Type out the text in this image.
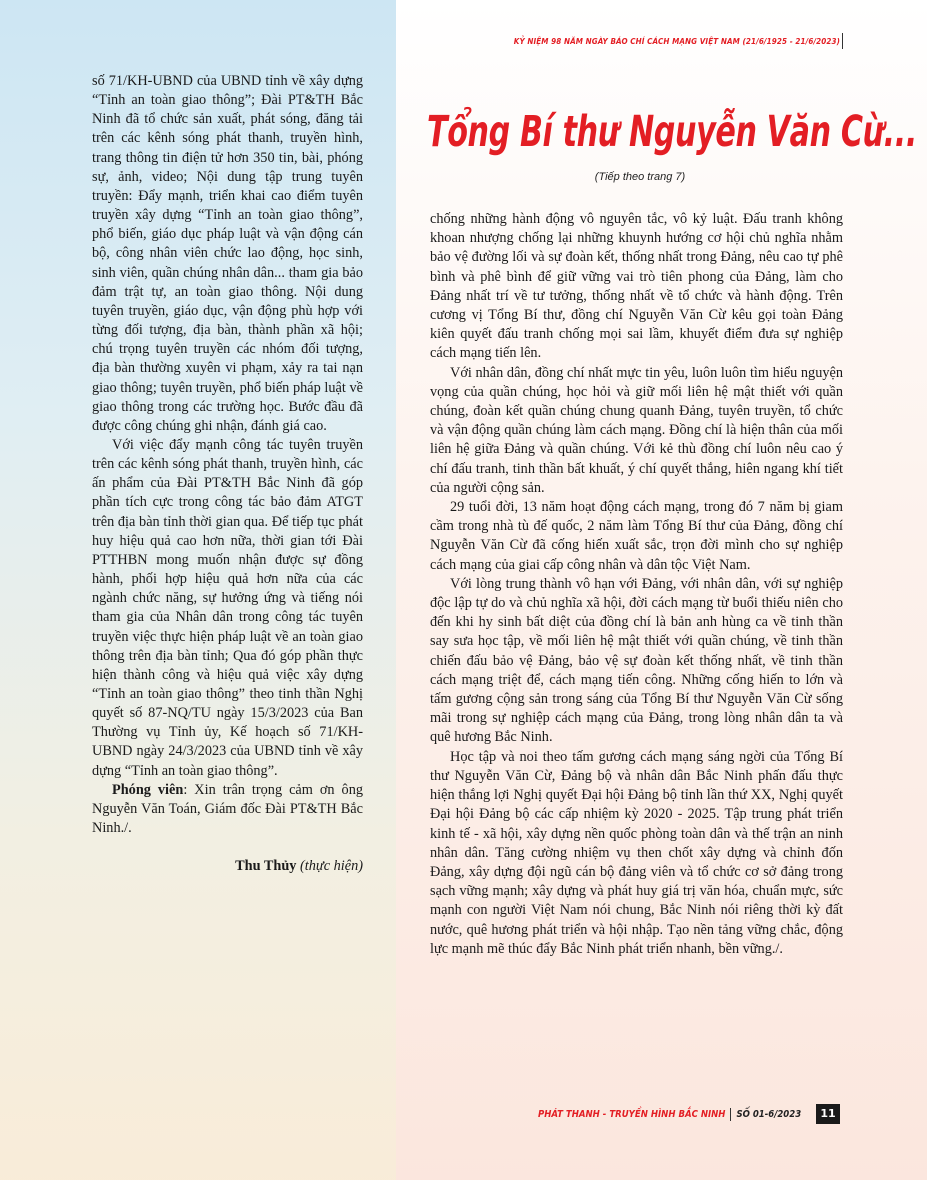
KỶ NIỆM 98 NĂM NGÀY BÁO CHÍ CÁCH MẠNG VIỆT NAM (21/6/1925 - 21/6/2023)
Tổng Bí thư Nguyễn Văn Cừ...
(Tiếp theo trang 7)

số 71/KH-UBND của UBND tỉnh về xây dựng “Tỉnh an toàn giao thông”; Đài PT&TH Bắc Ninh đã tổ chức sản xuất, phát sóng, đăng tải trên các kênh sóng phát thanh, truyền hình, trang thông tin điện tử hơn 350 tin, bài, phóng sự, ảnh, video; Nội dung tập trung tuyên truyền: Đẩy mạnh, triển khai cao điểm tuyên truyền xây dựng “Tỉnh an toàn giao thông”, phổ biến, giáo dục pháp luật và vận động cán bộ, công nhân viên chức lao động, học sinh, sinh viên, quần chúng nhân dân... tham gia bảo đảm trật tự, an toàn giao thông. Nội dung tuyên truyền, giáo dục, vận động phù hợp với từng đối tượng, địa bàn, thành phần xã hội; chú trọng tuyên truyền các nhóm đối tượng, địa bàn thường xuyên vi phạm, xảy ra tai nạn giao thông; tuyên truyền, phổ biến pháp luật về giao thông trong các trường học. Bước đầu đã được công chúng ghi nhận, đánh giá cao.

Với việc đẩy mạnh công tác tuyên truyền trên các kênh sóng phát thanh, truyền hình, các ấn phẩm của Đài PT&TH Bắc Ninh đã góp phần tích cực trong công tác bảo đảm ATGT trên địa bàn tỉnh thời gian qua. Để tiếp tục phát huy hiệu quả cao hơn nữa, thời gian tới Đài PTTHBN mong muốn nhận được sự đồng hành, phối hợp hiệu quả hơn nữa của các ngành chức năng, sự hưởng ứng và tiếng nói tham gia của Nhân dân trong công tác tuyên truyền việc thực hiện pháp luật về an toàn giao thông trên địa bàn tỉnh; Qua đó góp phần thực hiện thành công và hiệu quả việc xây dựng “Tỉnh an toàn giao thông” theo tinh thần Nghị quyết số 87-NQ/TU ngày 15/3/2023 của Ban Thường vụ Tỉnh ủy, Kế hoạch số 71/KH-UBND ngày 24/3/2023 của UBND tỉnh về xây dựng “Tỉnh an toàn giao thông”.

Phóng viên: Xin trân trọng cảm ơn ông Nguyễn Văn Toán, Giám đốc Đài PT&TH Bắc Ninh./.

Thu Thủy (thực hiện)

chống những hành động vô nguyên tắc, vô kỷ luật. Đấu tranh không khoan nhượng chống lại những khuynh hướng cơ hội chủ nghĩa nhằm bảo vệ đường lối và sự đoàn kết, thống nhất trong Đảng, nêu cao tự phê bình và phê bình để giữ vững vai trò tiên phong của Đảng, làm cho Đảng nhất trí về tư tưởng, thống nhất về tổ chức và hành động. Trên cương vị Tổng Bí thư, đồng chí Nguyễn Văn Cừ kêu gọi toàn Đảng kiên quyết đấu tranh chống mọi sai lầm, khuyết điểm đưa sự nghiệp cách mạng tiến lên.

Với nhân dân, đồng chí nhất mực tin yêu, luôn luôn tìm hiểu nguyện vọng của quần chúng, học hỏi và giữ mối liên hệ mật thiết với quần chúng, đoàn kết quần chúng chung quanh Đảng, tuyên truyền, tổ chức và vận động quần chúng làm cách mạng. Đồng chí là hiện thân của mối liên hệ giữa Đảng và quần chúng. Với kẻ thù đồng chí luôn nêu cao ý chí đấu tranh, tinh thần bất khuất, ý chí quyết thắng, hiên ngang khí tiết của người cộng sản.

29 tuổi đời, 13 năm hoạt động cách mạng, trong đó 7 năm bị giam cầm trong nhà tù đế quốc, 2 năm làm Tổng Bí thư của Đảng, đồng chí Nguyễn Văn Cừ đã cống hiến xuất sắc, trọn đời mình cho sự nghiệp cách mạng của giai cấp công nhân và dân tộc Việt Nam.

Với lòng trung thành vô hạn với Đảng, với nhân dân, với sự nghiệp độc lập tự do và chủ nghĩa xã hội, đời cách mạng từ buổi thiếu niên cho đến khi hy sinh bất diệt của đồng chí là bản anh hùng ca về tinh thần say sưa học tập, về mối liên hệ mật thiết với quần chúng, về tinh thần chiến đấu bảo vệ Đảng, bảo vệ sự đoàn kết thống nhất, về tinh thần cách mạng triệt để, cách mạng tiến công. Những cống hiến to lớn và tấm gương cộng sản trong sáng của Tổng Bí thư Nguyễn Văn Cừ sống mãi trong sự nghiệp cách mạng của Đảng, trong lòng nhân dân ta và quê hương Bắc Ninh.

Học tập và noi theo tấm gương cách mạng sáng ngời của Tổng Bí thư Nguyễn Văn Cừ, Đảng bộ và nhân dân Bắc Ninh phấn đấu thực hiện thắng lợi Nghị quyết Đại hội Đảng bộ tỉnh lần thứ XX, Nghị quyết Đại hội Đảng bộ các cấp nhiệm kỳ 2020 - 2025. Tập trung phát triển kinh tế - xã hội, xây dựng nền quốc phòng toàn dân và thế trận an ninh nhân dân. Tăng cường nhiệm vụ then chốt xây dựng và chỉnh đốn Đảng, xây dựng đội ngũ cán bộ đảng viên và tổ chức cơ sở đảng trong sạch vững mạnh; xây dựng và phát huy giá trị văn hóa, chuẩn mực, sức mạnh con người Việt Nam nói chung, Bắc Ninh nói riêng thời kỳ đất nước, quê hương phát triển và hội nhập. Tạo nền tảng vững chắc, động lực mạnh mẽ thúc đẩy Bắc Ninh phát triển nhanh, bền vững./.

PHÁT THANH - TRUYỀN HÌNH BẮC NINH SỐ 01-6/2023	11
